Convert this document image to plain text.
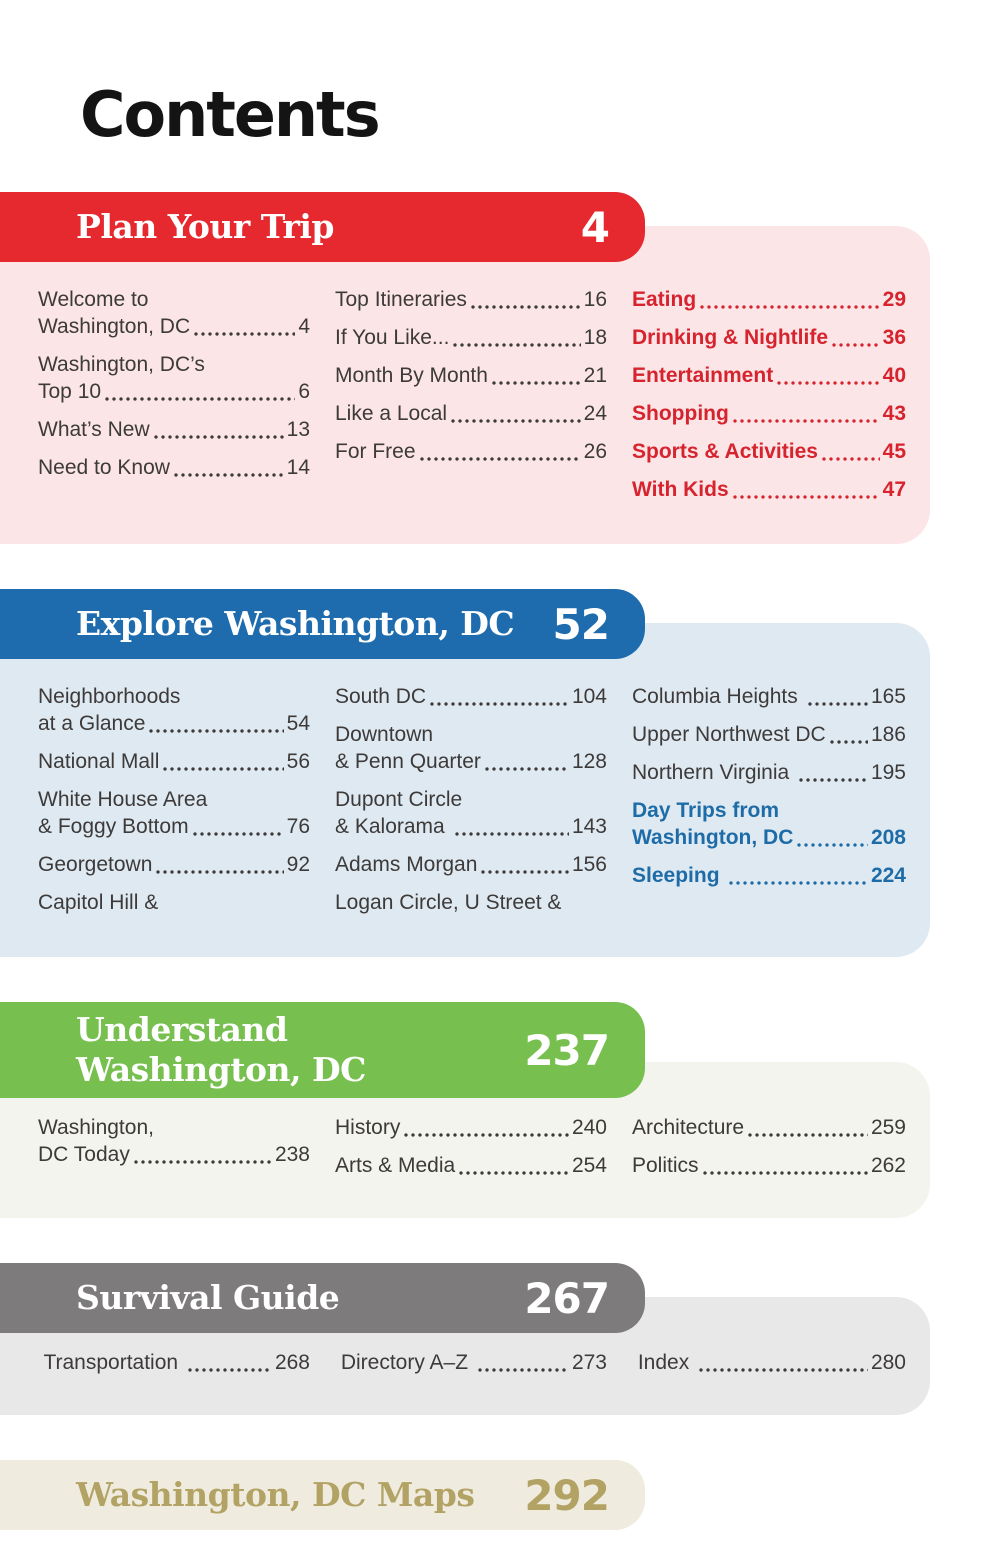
Contents
Plan Your Trip	4
Welcome to
Washington, DC	4
Washington, DC’s
Top 10	6
What’s New	13
Need to Know	14
Top Itineraries	16
If You Like...	18
Month By Month	21
Like a Local	24
For Free	26
Eating	29
Drinking & Nightlife	36
Entertainment	40
Shopping	43
Sports & Activities	45
With Kids	47
Explore Washington, DC 52
Neighborhoods
at a Glance	54
National Mall	56
White House Area
& Foggy Bottom	76
Georgetown	92
Capitol Hill &
South DC	104
Downtown
& Penn Quarter	128
Dupont Circle
& Kalorama	143
Adams Morgan	156
Logan Circle, U Street &
Columbia Heights	165
Upper Northwest DC 186
Northern Virginia	195
Day Trips from
Washington, DC	208
Sleeping	224
Understand
Washington, DC	237
Washington,
DC Today	238
History	240
Arts & Media	254
Architecture	259
Politics	262
Survival Guide	267
Transportation	268 Directory A–Z	273 Index	280
Washington, DC Maps 292
